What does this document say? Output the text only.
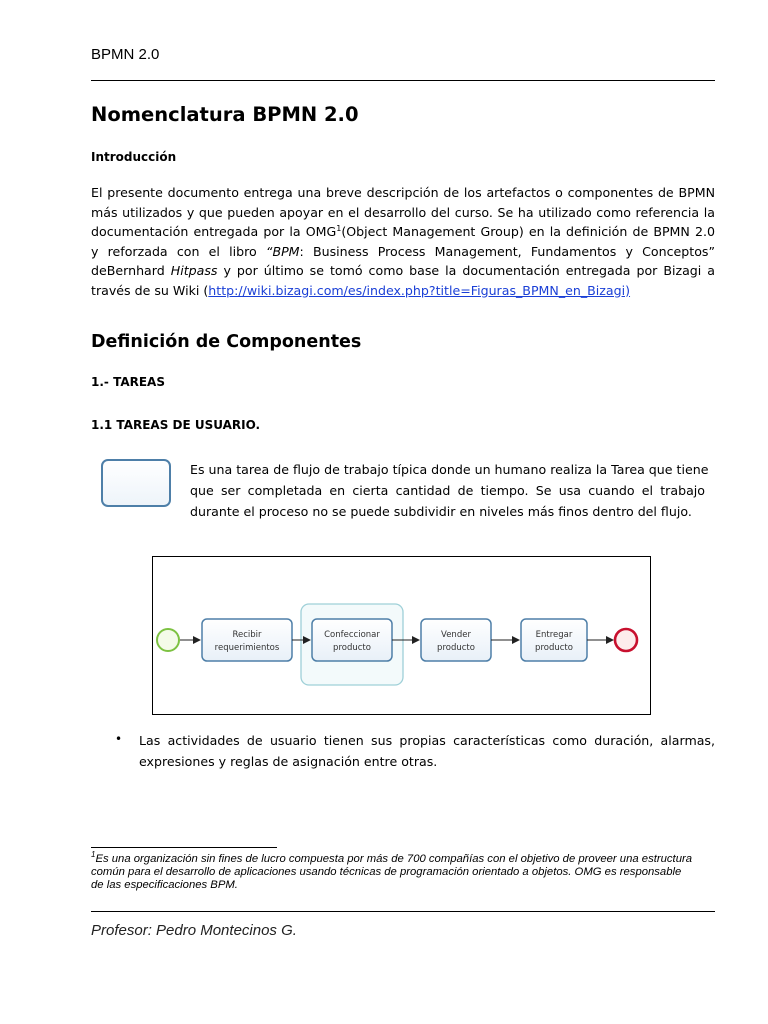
BPMN 2.0
Nomenclatura BPMN 2.0
Introducción
El presente documento entrega una breve descripción de los artefactos o componentes de BPMN
más utilizados y que pueden apoyar en el desarrollo del curso. Se ha utilizado como referencia la
documentación entregada por la OMG$^1$(Object Management Group) en la definición de BPMN 2.0
y reforzada con el libro “BPM: Business Process Management, Fundamentos y Conceptos”
deBernhard Hitpass y por último se tomó como base la documentación entregada por Bizagi a
través de su Wiki (http://wiki.bizagi.com/es/index.php?title=Figuras_BPMN_en_Bizagi)
Definición de Componentes
1.- TAREAS
1.1 TAREAS DE USUARIO.
Es una tarea de flujo de trabajo típica donde un humano realiza la Tarea que tiene
que ser completada en cierta cantidad de tiempo. Se usa cuando el trabajo
durante el proceso no se puede subdividir en niveles más finos dentro del flujo.
Recibir
requerimientos
Confeccionar
producto
Vender
producto
Entregar
producto
• Las actividades de usuario tienen sus propias características como duración, alarmas,
expresiones y reglas de asignación entre otras.
$^1$Es una organización sin fines de lucro compuesta por más de 700 compañías con el objetivo de proveer una estructura
común para el desarrollo de aplicaciones usando técnicas de programación orientado a objetos. OMG es responsable
de las especificaciones BPM.
Profesor: Pedro Montecinos G.
